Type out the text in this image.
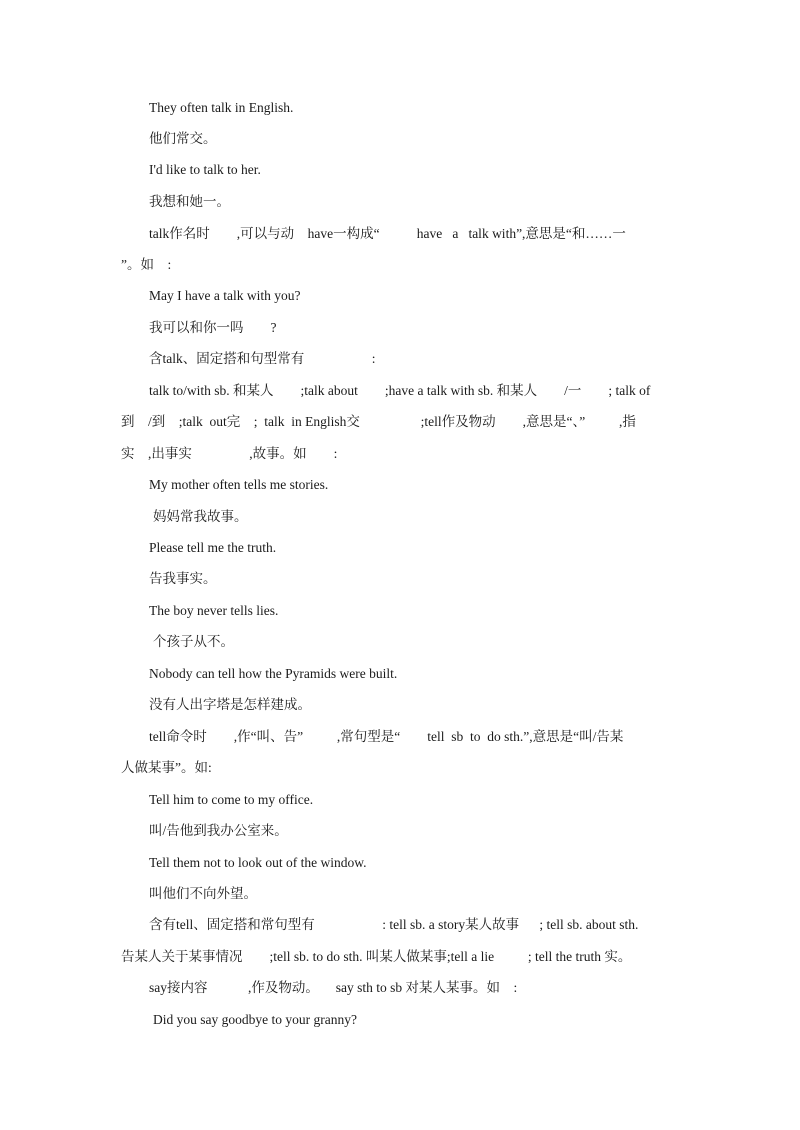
They often talk in English.

他们常交。

I'd like to talk to her.

我想和她一。

talk作名时        ,可以与动    have一构成“           have   a   talk with”,意思是“和……一

”。如    :

May I have a talk with you?

我可以和你一吗        ?

含talk、固定搭和句型常有                    :

talk to/with sb. 和某人        ;talk about        ;have a talk with sb. 和某人        /一        ; talk of

到    /到    ;talk  out完    ;  talk  in English交                  ;tell作及物动        ,意思是“、”          ,指

实    ,出事实                 ,故事。如        :

My mother often tells me stories.

妈妈常我故事。

Please tell me the truth.

告我事实。

The boy never tells lies.

个孩子从不。

Nobody can tell how the Pyramids were built.

没有人出字塔是怎样建成。

tell命令时        ,作“叫、告”          ,常句型是“        tell  sb  to  do sth.”,意思是“叫/告某

人做某事”。如:

Tell him to come to my office.

叫/告他到我办公室来。

Tell them not to look out of the window.

叫他们不向外望。

含有tell、固定搭和常句型有                    : tell sb. a story某人故事      ; tell sb. about sth.

告某人关于某事情况        ;tell sb. to do sth. 叫某人做某事;tell a lie          ; tell the truth 实。

say接内容            ,作及物动。     say sth to sb 对某人某事。如    :

Did you say goodbye to your granny?
